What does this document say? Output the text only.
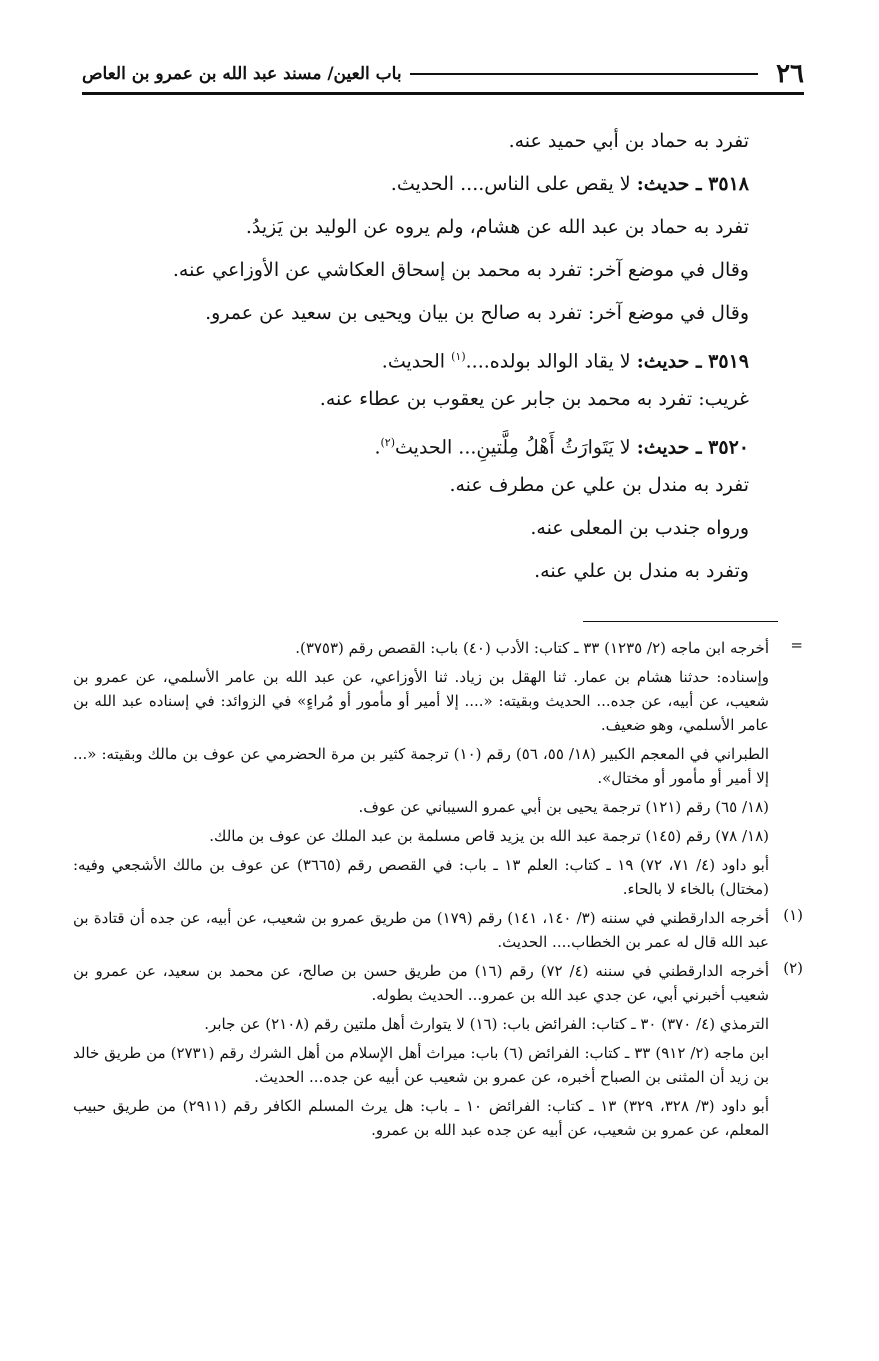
٢٦
باب العين/ مسند عبد الله بن عمرو بن العاص
تفرد به حماد بن أبي حميد عنه.
٣٥١٨ ـ حديث: لا يقص على الناس.... الحديث.
تفرد به حماد بن عبد الله عن هشام، ولم يروه عن الوليد بن يَزيدُ.
وقال في موضع آخر: تفرد به محمد بن إسحاق العكاشي عن الأوزاعي عنه.
وقال في موضع آخر: تفرد به صالح بن بيان ويحيى بن سعيد عن عمرو.
٣٥١٩ ـ حديث: لا يقاد الوالد بولده....$^{(١)}$ الحديث.
غريب: تفرد به محمد بن جابر عن يعقوب بن عطاء عنه.
٣٥٢٠ ـ حديث: لا يَتَوارَثُ أَهْلُ مِلَّتينِ... الحديث$^{(٢)}$.
تفرد به مندل بن علي عن مطرف عنه.
ورواه جندب بن المعلى عنه.
وتفرد به مندل بن علي عنه.
=
أخرجه ابن ماجه (٢/ ١٢٣٥) ٣٣ ـ كتاب: الأدب (٤٠) باب: القصص رقم (٣٧٥٣).
وإسناده: حدثنا هشام بن عمار. ثنا الهقل بن زياد. ثنا الأوزاعي، عن عبد الله بن عامر الأسلمي، عن عمرو بن شعيب، عن أبيه، عن جده... الحديث وبقيته: «.... إلا أمير أو مأمور أو مُراءٍ» في الزوائد: في إسناده عبد الله بن عامر الأسلمي، وهو ضعيف.
الطبراني في المعجم الكبير (١٨/ ٥٥، ٥٦) رقم (١٠) ترجمة كثير بن مرة الحضرمي عن عوف بن مالك وبقيته: «... إلا أمير أو مأمور أو مختال».
(١٨/ ٦٥) رقم (١٢١) ترجمة يحيى بن أبي عمرو السيباني عن عوف.
(١٨/ ٧٨) رقم (١٤٥) ترجمة عبد الله بن يزيد قاص مسلمة بن عبد الملك عن عوف بن مالك.
أبو داود (٤/ ٧١، ٧٢) ١٩ ـ كتاب: العلم ١٣ ـ باب: في القصص رقم (٣٦٦٥) عن عوف بن مالك الأشجعي وفيه: (مختال) بالخاء لا بالحاء.
(١)
أخرجه الدارقطني في سننه (٣/ ١٤٠، ١٤١) رقم (١٧٩) من طريق عمرو بن شعيب، عن أبيه، عن جده أن قتادة بن عبد الله قال له عمر بن الخطاب.... الحديث.
(٢)
أخرجه الدارقطني في سننه (٤/ ٧٢) رقم (١٦) من طريق حسن بن صالح، عن محمد بن سعيد، عن عمرو بن شعيب أخبرني أبي، عن جدي عبد الله بن عمرو... الحديث بطوله.
الترمذي (٤/ ٣٧٠) ٣٠ ـ كتاب: الفرائض باب: (١٦) لا يتوارث أهل ملتين رقم (٢١٠٨) عن جابر.
ابن ماجه (٢/ ٩١٢) ٣٣ ـ كتاب: الفرائض (٦) باب: ميراث أهل الإسلام من أهل الشرك رقم (٢٧٣١) من طريق خالد بن زيد أن المثنى بن الصباح أخبره، عن عمرو بن شعيب عن أبيه عن جده... الحديث.
أبو داود (٣/ ٣٢٨، ٣٢٩) ١٣ ـ كتاب: الفرائض ١٠ ـ باب: هل يرث المسلم الكافر رقم (٢٩١١) من طريق حبيب المعلم، عن عمرو بن شعيب، عن أبيه عن جده عبد الله بن عمرو.
